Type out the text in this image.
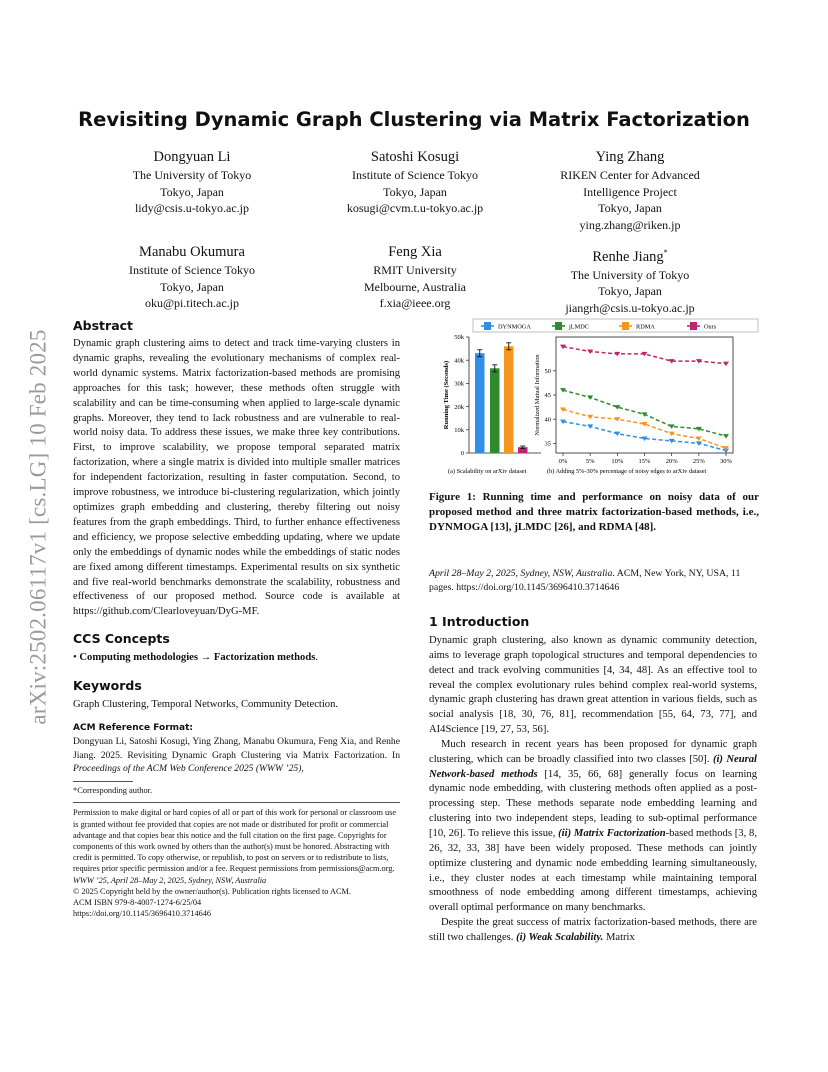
arXiv:2502.06117v1 [cs.LG] 10 Feb 2025
Revisiting Dynamic Graph Clustering via Matrix Factorization
Dongyuan Li
The University of Tokyo
Tokyo, Japan
lidy@csis.u-tokyo.ac.jp
Satoshi Kosugi
Institute of Science Tokyo
Tokyo, Japan
kosugi@cvm.t.u-tokyo.ac.jp
Ying Zhang
RIKEN Center for Advanced
Intelligence Project
Tokyo, Japan
ying.zhang@riken.jp
Manabu Okumura
Institute of Science Tokyo
Tokyo, Japan
oku@pi.titech.ac.jp
Feng Xia
RMIT University
Melbourne, Australia
f.xia@ieee.org
Renhe Jiang*
The University of Tokyo
Tokyo, Japan
jiangrh@csis.u-tokyo.ac.jp
Abstract

Dynamic graph clustering aims to detect and track time-varying clusters in dynamic graphs, revealing the evolutionary mechanisms of complex real-world dynamic systems. Matrix factorization-based methods are promising approaches for this task; however, these methods often struggle with scalability and can be time-consuming when applied to large-scale dynamic graphs. Moreover, they tend to lack robustness and are vulnerable to real-world noisy data. To address these issues, we make three key contributions. First, to improve scalability, we propose temporal separated matrix factorization, where a single matrix is divided into multiple smaller matrices for independent factorization, resulting in faster computation. Second, to improve robustness, we introduce bi-clustering regularization, which jointly optimizes graph embedding and clustering, thereby filtering out noisy features from the graph embeddings. Third, to further enhance effectiveness and efficiency, we propose selective embedding updating, where we update only the embeddings of dynamic nodes while the embeddings of static nodes are fixed among different timestamps. Experimental results on six synthetic and five real-world benchmarks demonstrate the scalability, robustness and effectiveness of our proposed method. Source code is available at https://github.com/Clearloveyuan/DyG-MF.

CCS Concepts
• Computing methodologies → Factorization methods.
Keywords
Graph Clustering, Temporal Networks, Community Detection.
ACM Reference Format:
Dongyuan Li, Satoshi Kosugi, Ying Zhang, Manabu Okumura, Feng Xia, and Renhe Jiang. 2025. Revisiting Dynamic Graph Clustering via Matrix Factorization. In Proceedings of the ACM Web Conference 2025 (WWW ’25),
*Corresponding author.
Permission to make digital or hard copies of all or part of this work for personal or classroom use is granted without fee provided that copies are not made or distributed for profit or commercial advantage and that copies bear this notice and the full citation on the first page. Copyrights for components of this work owned by others than the author(s) must be honored. Abstracting with credit is permitted. To copy otherwise, or republish, to post on servers or to redistribute to lists, requires prior specific permission and/or a fee. Request permissions from permissions@acm.org.
WWW ’25, April 28–May 2, 2025, Sydney, NSW, Australia
© 2025 Copyright held by the owner/author(s). Publication rights licensed to ACM.
ACM ISBN 979-8-4007-1274-6/25/04
https://doi.org/10.1145/3696410.3714646
DYNMOGA	jLMDC	RDMA	Ours
0
10k
20k
30k
40k
50k
Running Time (Seconds)
35
40
45
50
0%	5%	10% 15% 20% 25% 30%
Normalized Mutual Information
(a) Scalability on arXiv dataset	(b) Adding 5%-30% percentage of noisy edges to arXiv dataset
Figure 1: Running time and performance on noisy data of our proposed method and three matrix factorization-based methods, i.e., DYNMOGA [13], jLMDC [26], and RDMA [48].
April 28–May 2, 2025, Sydney, NSW, Australia. ACM, New York, NY, USA, 11 pages. https://doi.org/10.1145/3696410.3714646
1 Introduction

Dynamic graph clustering, also known as dynamic community detection, aims to leverage graph topological structures and temporal dependencies to detect and track evolving communities [4, 34, 48]. As an effective tool to reveal the complex evolutionary rules behind complex real-world systems, dynamic graph clustering has drawn great attention in various fields, such as social analysis [18, 30, 76, 81], recommendation [55, 64, 73, 77], and AI4Science [19, 27, 53, 56].

Much research in recent years has been proposed for dynamic graph clustering, which can be broadly classified into two classes [50]. (i) Neural Network-based methods [14, 35, 66, 68] generally focus on learning dynamic node embedding, with clustering methods often applied as a post-processing step. These methods separate node embedding learning and clustering into two independent steps, leading to sub-optimal performance [10, 26]. To relieve this issue, (ii) Matrix Factorization-based methods [3, 8, 26, 32, 33, 38] have been widely proposed. These methods can jointly optimize clustering and dynamic node embedding learning simultaneously, i.e., they cluster nodes at each timestamp while maintaining temporal smoothness of node embedding among different timestamps, achieving overall optimal performance on many benchmarks.

Despite the great success of matrix factorization-based methods, there are still two challenges. (i) Weak Scalability. Matrix
